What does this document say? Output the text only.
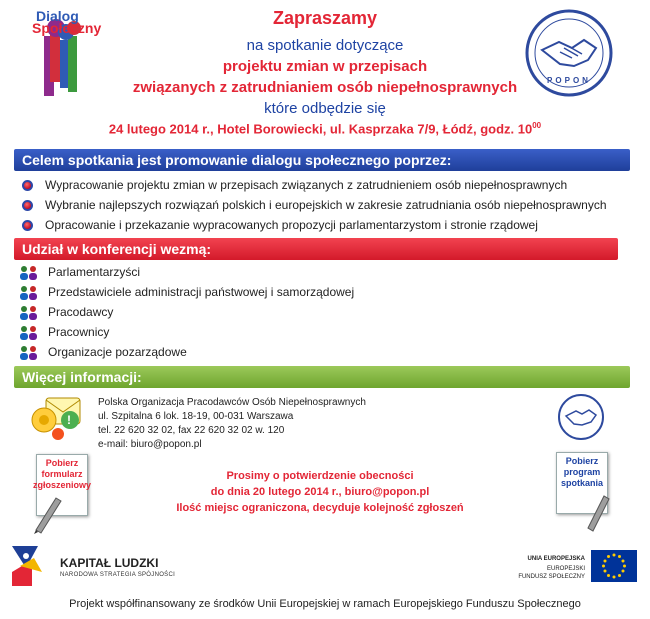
Dialog
Społeczny	Zapraszamy
na spotkanie dotyczące
projektu zmian w przepisach
związanych z zatrudnianiem osób niepełnosprawnych
które odbędzie się
24 lutego 2014 r., Hotel Borowiecki, ul. Kasprzaka 7/9, Łódź, godz. $10^{00}$
POPON
Celem spotkania jest promowanie dialogu społecznego poprzez:
Wypracowanie projektu zmian w przepisach związanych z zatrudnieniem osób niepełnosprawnych
Wybranie najlepszych rozwiązań polskich i europejskich w zakresie zatrudniania osób niepełnosprawnych
Opracowanie i przekazanie wypracowanych propozycji parlamentarzystom i stronie rządowej
Udział w konferencji wezmą:
Parlamentarzyści
Przedstawiciele administracji państwowej i samorządowej
Pracodawcy
Pracownicy
Organizacje pozarządowe
Więcej informacji:
!
Polska Organizacja Pracodawców Osób Niepełnosprawnych
ul. Szpitalna 6 lok. 18-19, 00-031 Warszawa
tel. 22 620 32 02, fax 22 620 32 02 w. 120
e-mail: biuro@popon.pl
Pobierz
formularz
zgłoszeniowy
Pobierz
program
spotkania
Prosimy o potwierdzenie obecności
do dnia 20 lutego 2014 r., biuro@popon.pl
Ilość miejsc ograniczona, decyduje kolejność zgłoszeń
KAPITAŁ LUDZKI
NARODOWA STRATEGIA SPÓJNOŚCI
UNIA EUROPEJSKA
EUROPEJSKI
FUNDUSZ SPOŁECZNY
Projekt współfinansowany ze środków Unii Europejskiej w ramach Europejskiego Funduszu Społecznego
